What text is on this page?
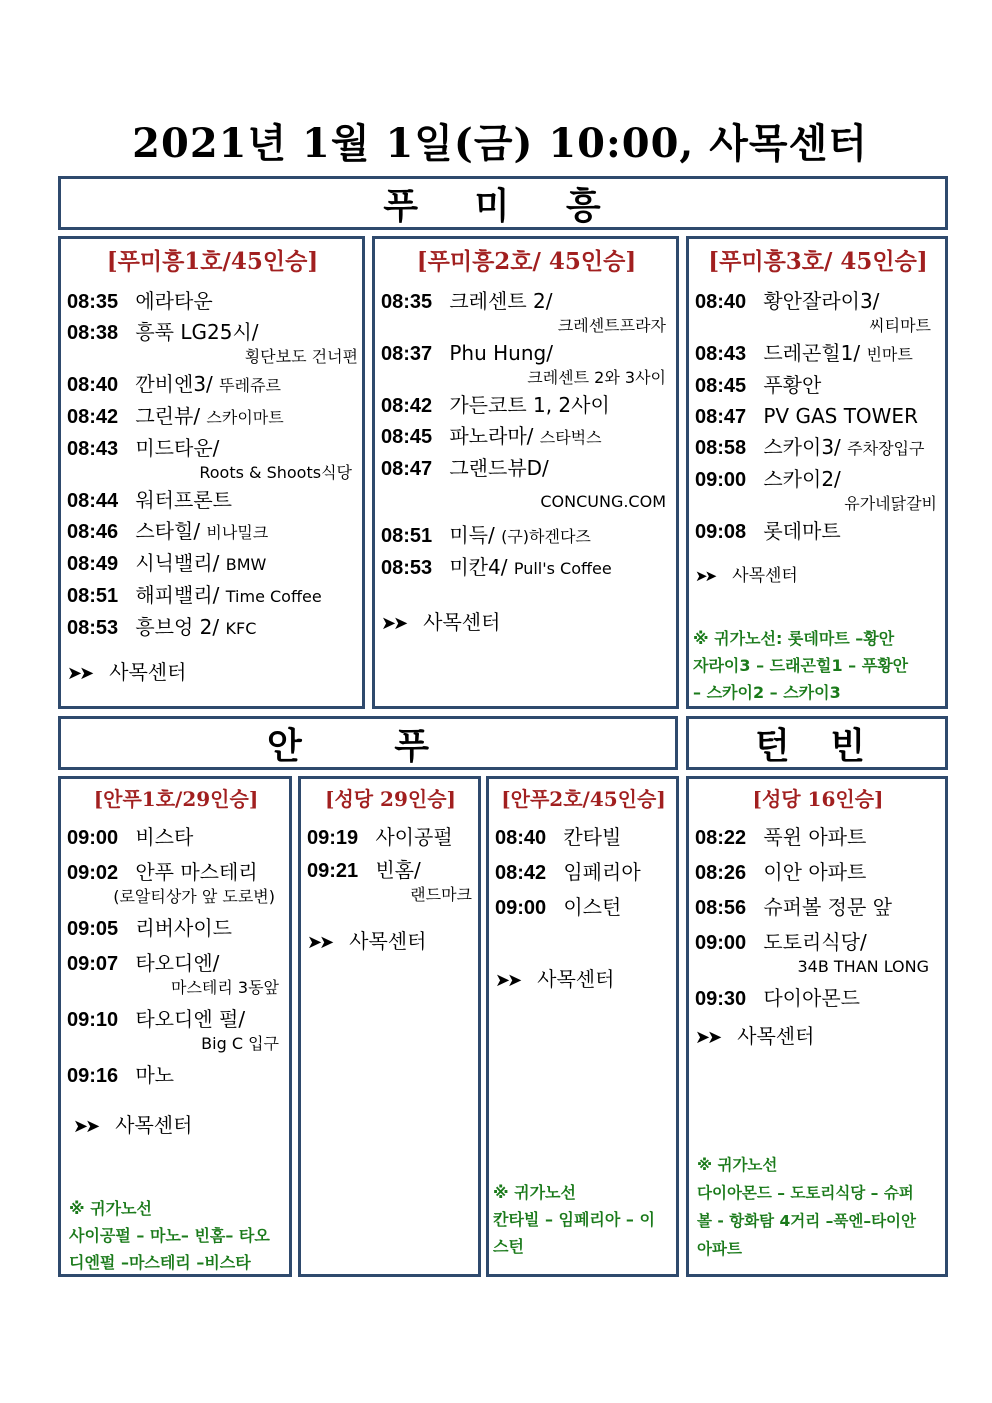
2021년 1월 1일(금) 10:00, 사목센터
푸 미 흥
안 푸	턴 빈
[푸미흥1호/45인승]
08:35 에라타운
08:38 흥푹 LG25시/
횡단보도 건너편
08:40 깐비엔3/ 뚜레쥬르
08:42 그린뷰/ 스카이마트
08:43 미드타운/
Roots & Shoots식당
08:44 워터프론트
08:46 스타힐/ 비나밀크
08:49 시닉밸리/ BMW
08:51 해피밸리/ Time Coffee
08:53 흥브엉 2/ KFC
➤➤ 사목센터
[푸미흥2호/ 45인승]
08:35 크레센트 2/
크레센트프라자
08:37 Phu Hung/
크레센트 2와 3사이
08:42 가든코트 1, 2사이
08:45 파노라마/ 스타벅스
08:47 그랜드뷰D/
CONCUNG.COM
08:51 미득/ (구)하겐다즈
08:53 미칸4/ Pull's Coffee
➤➤ 사목센터
[푸미흥3호/ 45인승]
08:40 황안잘라이3/
씨티마트
08:43 드레곤힐1/ 빈마트
08:45 푸황안
08:47 PV GAS TOWER
08:58 스카이3/ 주차장입구
09:00 스카이2/
유가네닭갈비
09:08 롯데마트
➤➤ 사목센터
※ 귀가노선: 롯데마트 –황안
자라이3 – 드래곤힐1 – 푸황안
– 스카이2 – 스카이3
[안푸1호/29인승]
09:00 비스타
09:02 안푸 마스테리
(로알티상가 앞 도로변)
09:05 리버사이드
09:07 타오디엔/
마스테리 3동앞
09:10 타오디엔 펄/
Big C 입구
09:16 마노
➤➤ 사목센터
※ 귀가노선
사이공펄 – 마노– 빈홈– 타오
디엔펄 –마스테리 –비스타
[성당 29인승]
09:19 사이공펄
09:21 빈홈/
랜드마크
➤➤ 사목센터
[안푸2호/45인승]
08:40 칸타빌
08:42 임페리아
09:00 이스턴
➤➤ 사목센터
※ 귀가노선
칸타빌 – 임페리아 – 이
스턴
[성당 16인승]
08:22 푹윈 아파트
08:26 이안 아파트
08:56 슈퍼볼 정문 앞
09:00 도토리식당/
34B THAN LONG
09:30 다이아몬드
➤➤ 사목센터
※ 귀가노선
다이아몬드 – 도토리식당 – 슈퍼
볼 - 항화탐 4거리 –푹엔–타이안
아파트
